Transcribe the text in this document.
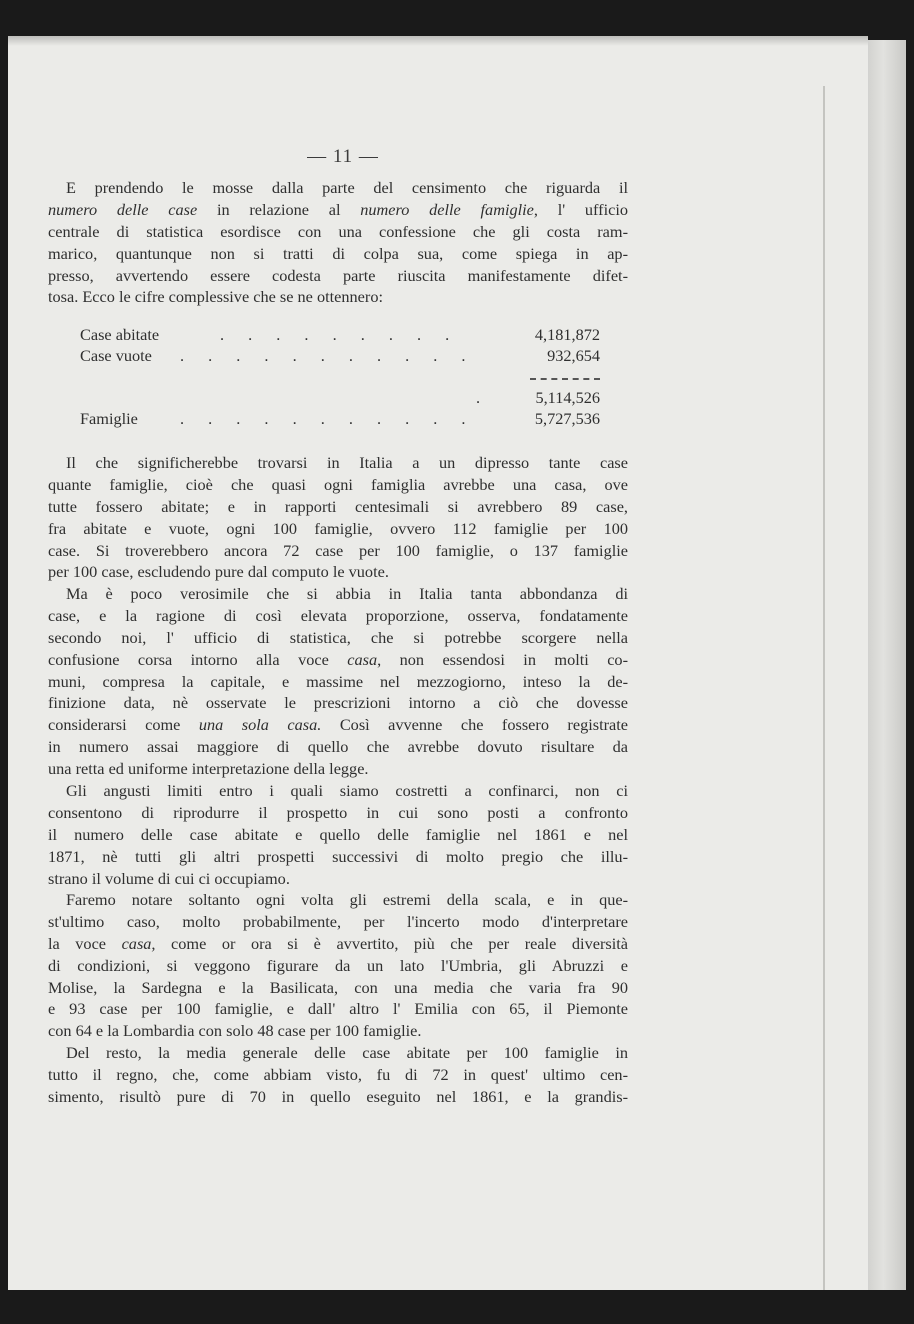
— 11 —
E prendendo le mosse dalla parte del censimento che riguarda il
numero delle case in relazione al numero delle famiglie, l' ufficio
centrale di statistica esordisce con una confessione che gli costa ram-
marico, quantunque non si tratti di colpa sua, come spiega in ap-
presso, avvertendo essere codesta parte riuscita manifestamente difet-
tosa. Ecco le cifre complessive che se ne ottennero:
Case abitate	. . . . . . . . .	4,181,872
Case vuote . . . . . . . . . . .	932,654
.	5,114,526
Famiglie	. . . . . . . . . . .	5,727,536
Il che significherebbe trovarsi in Italia a un dipresso tante case
quante famiglie, cioè che quasi ogni famiglia avrebbe una casa, ove
tutte fossero abitate; e in rapporti centesimali si avrebbero 89 case,
fra abitate e vuote, ogni 100 famiglie, ovvero 112 famiglie per 100
case. Si troverebbero ancora 72 case per 100 famiglie, o 137 famiglie
per 100 case, escludendo pure dal computo le vuote.
Ma è poco verosimile che si abbia in Italia tanta abbondanza di
case, e la ragione di così elevata proporzione, osserva, fondatamente
secondo noi, l' ufficio di statistica, che si potrebbe scorgere nella
confusione corsa intorno alla voce casa, non essendosi in molti co-
muni, compresa la capitale, e massime nel mezzogiorno, inteso la de-
finizione data, nè osservate le prescrizioni intorno a ciò che dovesse
considerarsi come una sola casa. Così avvenne che fossero registrate
in numero assai maggiore di quello che avrebbe dovuto risultare da
una retta ed uniforme interpretazione della legge.
Gli angusti limiti entro i quali siamo costretti a confinarci, non ci
consentono di riprodurre il prospetto in cui sono posti a confronto
il numero delle case abitate e quello delle famiglie nel 1861 e nel
1871, nè tutti gli altri prospetti successivi di molto pregio che illu-
strano il volume di cui ci occupiamo.
Faremo notare soltanto ogni volta gli estremi della scala, e in que-
st'ultimo caso, molto probabilmente, per l'incerto modo d'interpretare
la voce casa, come or ora si è avvertito, più che per reale diversità
di condizioni, si veggono figurare da un lato l'Umbria, gli Abruzzi e
Molise, la Sardegna e la Basilicata, con una media che varia fra 90
e 93 case per 100 famiglie, e dall' altro l' Emilia con 65, il Piemonte
con 64 e la Lombardia con solo 48 case per 100 famiglie.
Del resto, la media generale delle case abitate per 100 famiglie in
tutto il regno, che, come abbiam visto, fu di 72 in quest' ultimo cen-
simento, risultò pure di 70 in quello eseguito nel 1861, e la grandis-
